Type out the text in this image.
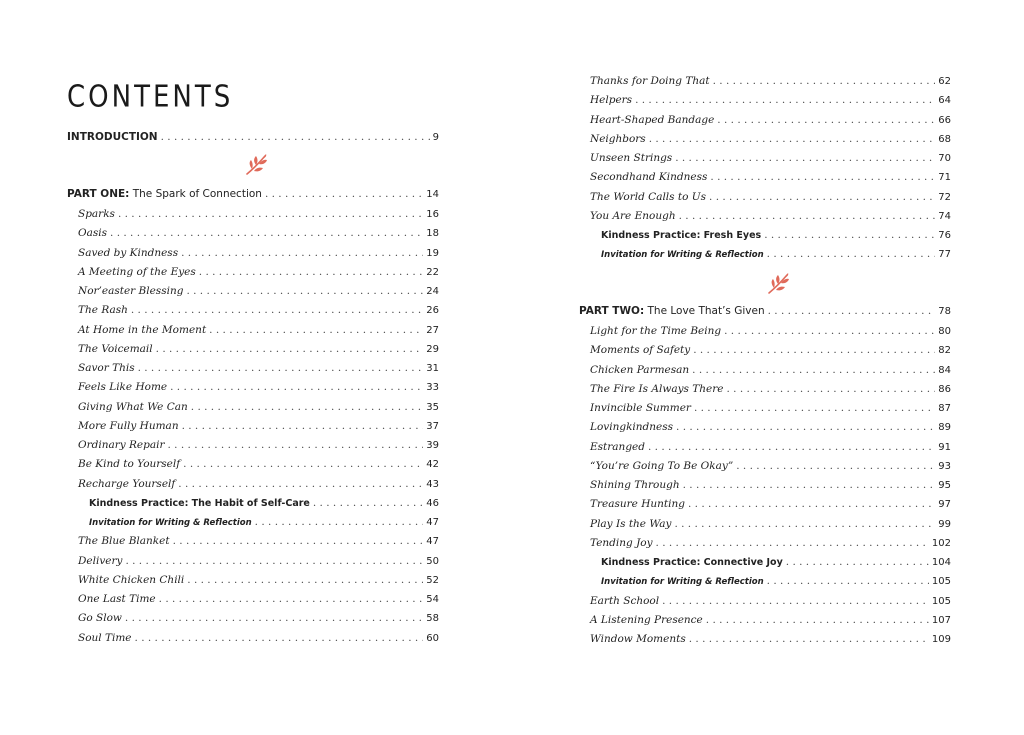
CONTENTS
INTRODUCTION . . .	9
PART ONE: The Spark of Connection . . .	14
Sparks . . .	16
Oasis . . .	18
Saved by Kindness . . .	19
A Meeting of the Eyes . . .	22
Nor’easter Blessing . . .	24
The Rash . . .	26
At Home in the Moment . . .	27
The Voicemail . . .	29
Savor This . . .	31
Feels Like Home . . .	33
Giving What We Can . . .	35
More Fully Human . . .	37
Ordinary Repair . . .	39
Be Kind to Yourself . . .	42
Recharge Yourself . . .	43
Kindness Practice: The Habit of Self-Care . . .	46
Invitation for Writing & Reflection . . .	47
The Blue Blanket . . .	47
Delivery . . .	50
White Chicken Chili . . .	52
One Last Time . . .	54
Go Slow . . .	58
Soul Time . . .	60
Thanks for Doing That . . .	62
Helpers . . .	64
Heart-Shaped Bandage . . .	66
Neighbors . . .	68
Unseen Strings . . .	70
Secondhand Kindness . . .	71
The World Calls to Us . . .	72
You Are Enough . . .	74
Kindness Practice: Fresh Eyes . . .	76
Invitation for Writing & Reflection . . .	77
PART TWO: The Love That’s Given . . .	78
Light for the Time Being . . .	80
Moments of Safety . . .	82
Chicken Parmesan . . .	84
The Fire Is Always There . . .	86
Invincible Summer . . .	87
Lovingkindness . . .	89
Estranged . . .	91
“You’re Going To Be Okay” . . .	93
Shining Through . . .	95
Treasure Hunting . . .	97
Play Is the Way . . .	99
Tending Joy . . .	102
Kindness Practice: Connective Joy . . .	104
Invitation for Writing & Reflection . . .	105
Earth School . . .	105
A Listening Presence . . .	107
Window Moments . . .	109
